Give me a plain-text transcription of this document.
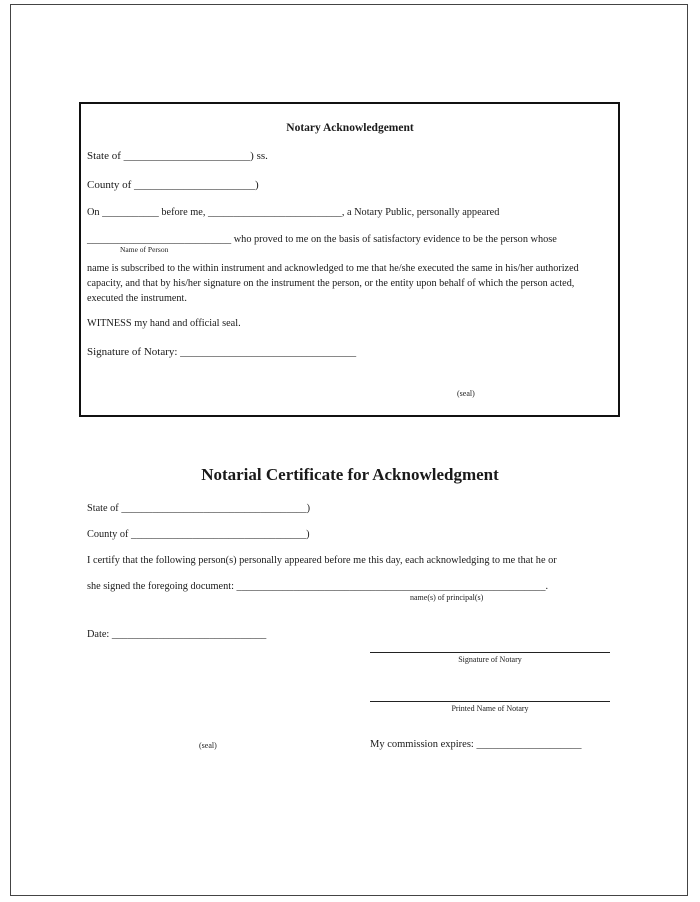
Notary Acknowledgement
State of _______________________) ss.
County of ______________________)
On ___________ before me, __________________________, a Notary Public, personally appeared
____________________________ who proved to me on the basis of satisfactory evidence to be the person whose
Name of Person
name is subscribed to the within instrument and acknowledged to me that he/she executed the same in his/her authorized capacity, and that by his/her signature on the instrument the person, or the entity upon behalf of which the person acted, executed the instrument.
WITNESS my hand and official seal.
Signature of Notary: ________________________________
(seal)
Notarial Certificate for Acknowledgment
State of ____________________________________)
County of __________________________________)
I certify that the following person(s) personally appeared before me this day, each acknowledging to me that he or
she signed the foregoing document: ____________________________________________________________.
name(s) of principal(s)
Date: ______________________________
Signature of Notary
Printed Name of Notary
(seal)	My commission expires: ____________________
